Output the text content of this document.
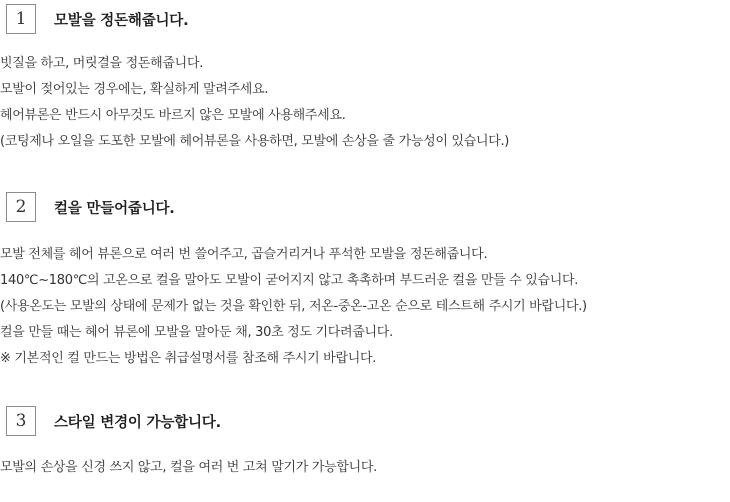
1	모발을 정돈해줍니다.

빗질을 하고, 머릿결을 정돈해줍니다.

모발이 젖어있는 경우에는, 확실하게 말려주세요.

헤어뷰론은 반드시 아무것도 바르지 않은 모발에 사용해주세요.

(코팅제나 오일을 도포한 모발에 헤어뷰론을 사용하면, 모발에 손상을 줄 가능성이 있습니다.)

2	컬을 만들어줍니다.

모발 전체를 헤어 뷰론으로 여러 번 쓸어주고, 곱슬거리거나 푸석한 모발을 정돈해줍니다.

140℃~180℃의 고온으로 컬을 말아도 모발이 굳어지지 않고 촉촉하며 부드러운 컬을 만들 수 있습니다.

(사용온도는 모발의 상태에 문제가 없는 것을 확인한 뒤, 저온-중온-고온 순으로 테스트해 주시기 바랍니다.)

컬을 만들 때는 헤어 뷰론에 모발을 말아둔 채, 30초 정도 기다려줍니다.

※ 기본적인 컬 만드는 방법은 취급설명서를 참조해 주시기 바랍니다.

3	스타일 변경이 가능합니다.

모발의 손상을 신경 쓰지 않고, 컬을 여러 번 고쳐 말기가 가능합니다.
